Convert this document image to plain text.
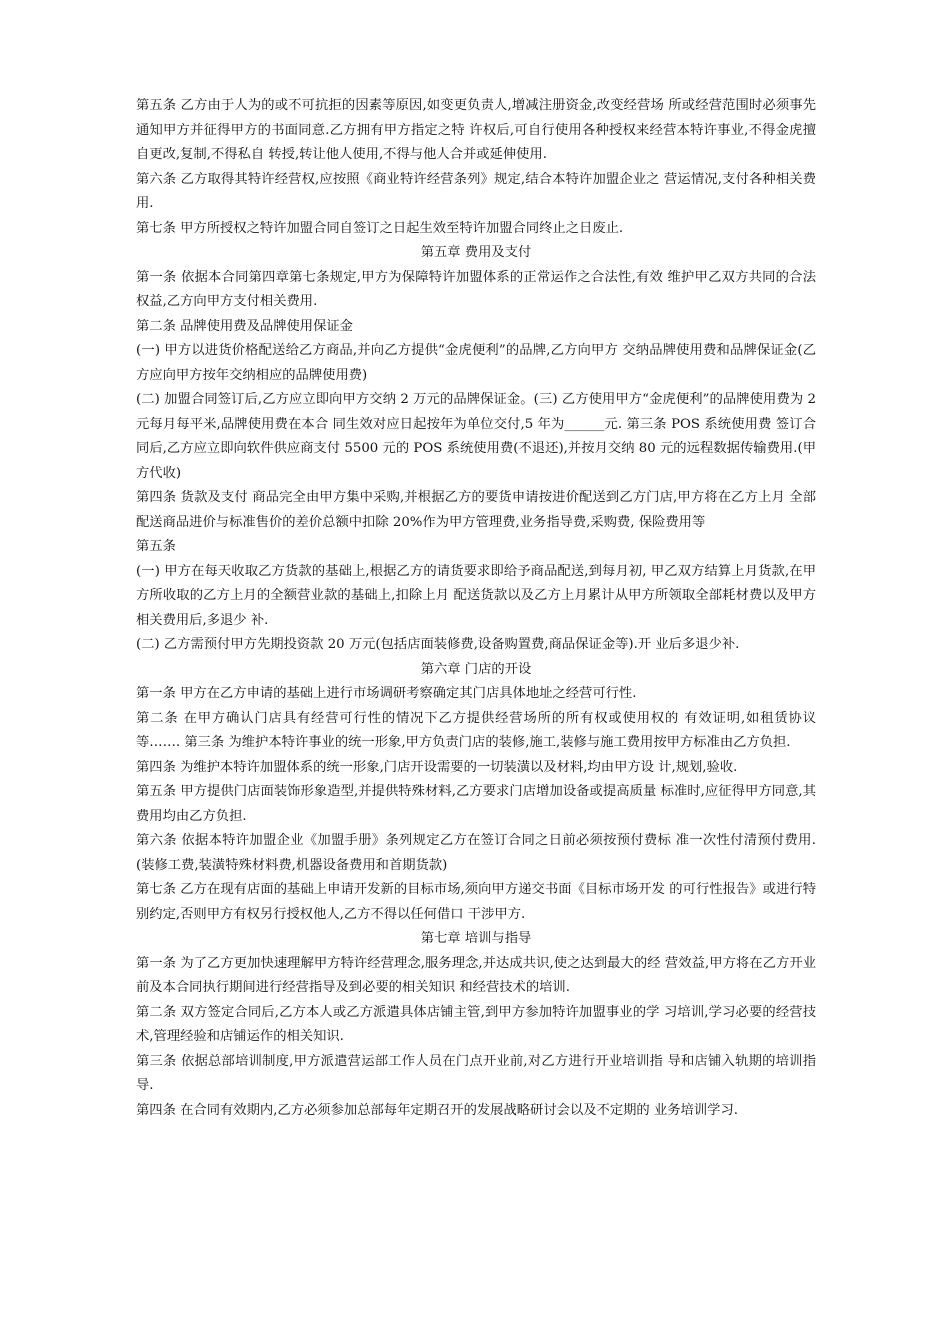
第五条 乙方由于人为的或不可抗拒的因素等原因,如变更负责人,增减注册资金,改变经营场 所或经营范围时必须事先通知甲方并征得甲方的书面同意.乙方拥有甲方指定之特 许权后,可自行使用各种授权来经营本特许事业,不得金虎擅自更改,复制,不得私自 转授,转让他人使用,不得与他人合并或延伸使用.

第六条 乙方取得其特许经营权,应按照《商业特许经营条列》规定,结合本特许加盟企业之 营运情况,支付各种相关费用.

第七条 甲方所授权之特许加盟合同自签订之日起生效至特许加盟合同终止之日废止.

第五章 费用及支付

第一条 依据本合同第四章第七条规定,甲方为保障特许加盟体系的正常运作之合法性,有效 维护甲乙双方共同的合法权益,乙方向甲方支付相关费用.

第二条 品牌使用费及品牌使用保证金

(一) 甲方以进货价格配送给乙方商品,并向乙方提供“金虎便利”的品牌,乙方向甲方 交纳品牌使用费和品牌保证金(乙方应向甲方按年交纳相应的品牌使用费)

(二) 加盟合同签订后,乙方应立即向甲方交纳 2 万元的品牌保证金。(三) 乙方使用甲方“金虎便利”的品牌使用费为 2 元每月每平米,品牌使用费在本合 同生效对应日起按年为单位交付,5 年为______元. 第三条 POS 系统使用费 签订合同后,乙方应立即向软件供应商支付 5500 元的 POS 系统使用费(不退还),并按月交纳 80 元的远程数据传输费用.(甲方代收)

第四条 货款及支付 商品完全由甲方集中采购,并根据乙方的要货申请按进价配送到乙方门店,甲方将在乙方上月 全部配送商品进价与标准售价的差价总额中扣除 20%作为甲方管理费,业务指导费,采购费, 保险费用等

第五条

(一) 甲方在每天收取乙方货款的基础上,根据乙方的请货要求即给予商品配送,到每月初, 甲乙双方结算上月货款,在甲方所收取的乙方上月的全额营业款的基础上,扣除上月 配送货款以及乙方上月累计从甲方所领取全部耗材费以及甲方相关费用后,多退少 补.

(二) 乙方需预付甲方先期投资款 20 万元(包括店面装修费,设备购置费,商品保证金等).开 业后多退少补.

第六章 门店的开设

第一条 甲方在乙方申请的基础上进行市场调研考察确定其门店具体地址之经营可行性.

第二条 在甲方确认门店具有经营可行性的情况下乙方提供经营场所的所有权或使用权的 有效证明,如租赁协议等……. 第三条 为维护本特许事业的统一形象,甲方负责门店的装修,施工,装修与施工费用按甲方标准由乙方负担.

第四条 为维护本特许加盟体系的统一形象,门店开设需要的一切装潢以及材料,均由甲方设 计,规划,验收.

第五条 甲方提供门店面装饰形象造型,并提供特殊材料,乙方要求门店增加设备或提高质量 标准时,应征得甲方同意,其费用均由乙方负担.

第六条 依据本特许加盟企业《加盟手册》条列规定乙方在签订合同之日前必须按预付费标 准一次性付清预付费用.(装修工费,装潢特殊材料费,机器设备费用和首期货款)

第七条 乙方在现有店面的基础上申请开发新的目标市场,须向甲方递交书面《目标市场开发 的可行性报告》或进行特别约定,否则甲方有权另行授权他人,乙方不得以任何借口 干涉甲方.

第七章 培训与指导

第一条 为了乙方更加快速理解甲方特许经营理念,服务理念,并达成共识,使之达到最大的经 营效益,甲方将在乙方开业前及本合同执行期间进行经营指导及到必要的相关知识 和经营技术的培训.

第二条 双方签定合同后,乙方本人或乙方派遣具体店铺主管,到甲方参加特许加盟事业的学 习培训,学习必要的经营技术,管理经验和店铺运作的相关知识.

第三条 依据总部培训制度,甲方派遣营运部工作人员在门点开业前,对乙方进行开业培训指 导和店铺入轨期的培训指导.

第四条 在合同有效期内,乙方必须参加总部每年定期召开的发展战略研讨会以及不定期的 业务培训学习.
